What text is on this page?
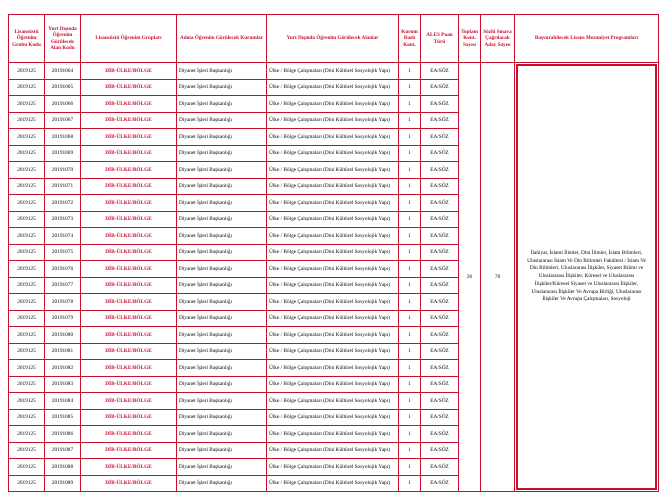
Lisansüstü Öğrenim Grubu Kodu	Yurt Dışında Öğrenim Görülecek Alan Kodu	Lisansüstü Öğrenim Grupları	Adına Öğrenim Görülecek Kurumlar	Yurt Dışında Öğrenim Görülecek Alanlar	Kurum Bazlı Kont.	ALES Puan Türü	Toplam Kont. Sayısı	Sözlü Sınava Çağrılacak Aday Sayısı	Başvurabilecek Lisans Mezuniyet Programları
2019125	20191064	DİB-ÜLKE/BÖLGE	Diyanet İşleri Başkanlığı	Ülke / Bölge Çalışmaları (Dini Kültürel Sosyolojik Yapı)	1	EA/SÖZ	26	78	İlahiyat, İslami İlimler, Dini İlimler, İslam Bilimleri, Uluslararası İslam Ve Din Bilimleri Fakültesi / İslam Ve Din Bilimleri, Uluslararası İlişkiler, Siyaset Bilimi ve Uluslararası İlişkiler, Küresel ve Uluslararası İlişkiler/Küresel Siyaset ve Uluslararası İlişkiler, Uluslararası İlişkiler Ve Avrupa Birliği, Uluslararası İlişkiler Ve Avrupa Çalışmaları, Sosyoloji
2019125	20191065	DİB-ÜLKE/BÖLGE	Diyanet İşleri Başkanlığı	Ülke / Bölge Çalışmaları (Dini Kültürel Sosyolojik Yapı)	1	EA/SÖZ			
2019125	20191066	DİB-ÜLKE/BÖLGE	Diyanet İşleri Başkanlığı	Ülke / Bölge Çalışmaları (Dini Kültürel Sosyolojik Yapı)	1	EA/SÖZ			
2019125	20191067	DİB-ÜLKE/BÖLGE	Diyanet İşleri Başkanlığı	Ülke / Bölge Çalışmaları (Dini Kültürel Sosyolojik Yapı)	1	EA/SÖZ			
2019125	20191068	DİB-ÜLKE/BÖLGE	Diyanet İşleri Başkanlığı	Ülke / Bölge Çalışmaları (Dini Kültürel Sosyolojik Yapı)	1	EA/SÖZ			
2019125	20191069	DİB-ÜLKE/BÖLGE	Diyanet İşleri Başkanlığı	Ülke / Bölge Çalışmaları (Dini Kültürel Sosyolojik Yapı)	1	EA/SÖZ			
2019125	20191070	DİB-ÜLKE/BÖLGE	Diyanet İşleri Başkanlığı	Ülke / Bölge Çalışmaları (Dini Kültürel Sosyolojik Yapı)	1	EA/SÖZ			
2019125	20191071	DİB-ÜLKE/BÖLGE	Diyanet İşleri Başkanlığı	Ülke / Bölge Çalışmaları (Dini Kültürel Sosyolojik Yapı)	1	EA/SÖZ			
2019125	20191072	DİB-ÜLKE/BÖLGE	Diyanet İşleri Başkanlığı	Ülke / Bölge Çalışmaları (Dini Kültürel Sosyolojik Yapı)	1	EA/SÖZ			
2019125	20191073	DİB-ÜLKE/BÖLGE	Diyanet İşleri Başkanlığı	Ülke / Bölge Çalışmaları (Dini Kültürel Sosyolojik Yapı)	1	EA/SÖZ			
2019125	20191074	DİB-ÜLKE/BÖLGE	Diyanet İşleri Başkanlığı	Ülke / Bölge Çalışmaları (Dini Kültürel Sosyolojik Yapı)	1	EA/SÖZ			
2019125	20191075	DİB-ÜLKE/BÖLGE	Diyanet İşleri Başkanlığı	Ülke / Bölge Çalışmaları (Dini Kültürel Sosyolojik Yapı)	1	EA/SÖZ			
2019125	20191076	DİB-ÜLKE/BÖLGE	Diyanet İşleri Başkanlığı	Ülke / Bölge Çalışmaları (Dini Kültürel Sosyolojik Yapı)	1	EA/SÖZ			
2019125	20191077	DİB-ÜLKE/BÖLGE	Diyanet İşleri Başkanlığı	Ülke / Bölge Çalışmaları (Dini Kültürel Sosyolojik Yapı)	1	EA/SÖZ			
2019125	20191078	DİB-ÜLKE/BÖLGE	Diyanet İşleri Başkanlığı	Ülke / Bölge Çalışmaları (Dini Kültürel Sosyolojik Yapı)	1	EA/SÖZ			
2019125	20191079	DİB-ÜLKE/BÖLGE	Diyanet İşleri Başkanlığı	Ülke / Bölge Çalışmaları (Dini Kültürel Sosyolojik Yapı)	1	EA/SÖZ			
2019125	20191080	DİB-ÜLKE/BÖLGE	Diyanet İşleri Başkanlığı	Ülke / Bölge Çalışmaları (Dini Kültürel Sosyolojik Yapı)	1	EA/SÖZ			
2019125	20191081	DİB-ÜLKE/BÖLGE	Diyanet İşleri Başkanlığı	Ülke / Bölge Çalışmaları (Dini Kültürel Sosyolojik Yapı)	1	EA/SÖZ			
2019125	20191082	DİB-ÜLKE/BÖLGE	Diyanet İşleri Başkanlığı	Ülke / Bölge Çalışmaları (Dini Kültürel Sosyolojik Yapı)	1	EA/SÖZ			
2019125	20191083	DİB-ÜLKE/BÖLGE	Diyanet İşleri Başkanlığı	Ülke / Bölge Çalışmaları (Dini Kültürel Sosyolojik Yapı)	1	EA/SÖZ			
2019125	20191084	DİB-ÜLKE/BÖLGE	Diyanet İşleri Başkanlığı	Ülke / Bölge Çalışmaları (Dini Kültürel Sosyolojik Yapı)	1	EA/SÖZ			
2019125	20191085	DİB-ÜLKE/BÖLGE	Diyanet İşleri Başkanlığı	Ülke / Bölge Çalışmaları (Dini Kültürel Sosyolojik Yapı)	1	EA/SÖZ			
2019125	20191086	DİB-ÜLKE/BÖLGE	Diyanet İşleri Başkanlığı	Ülke / Bölge Çalışmaları (Dini Kültürel Sosyolojik Yapı)	1	EA/SÖZ			
2019125	20191087	DİB-ÜLKE/BÖLGE	Diyanet İşleri Başkanlığı	Ülke / Bölge Çalışmaları (Dini Kültürel Sosyolojik Yapı)	1	EA/SÖZ			
2019125	20191088	DİB-ÜLKE/BÖLGE	Diyanet İşleri Başkanlığı	Ülke / Bölge Çalışmaları (Dini Kültürel Sosyolojik Yapı)	1	EA/SÖZ			
2019125	20191089	DİB-ÜLKE/BÖLGE	Diyanet İşleri Başkanlığı	Ülke / Bölge Çalışmaları (Dini Kültürel Sosyolojik Yapı)	1	EA/SÖZ			
